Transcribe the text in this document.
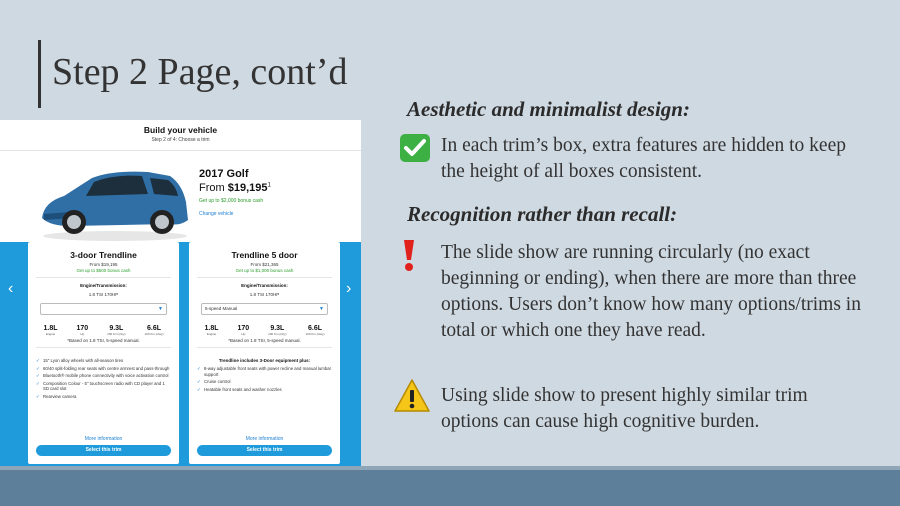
Step 2 Page, cont’d
Build your vehicle
Step 2 of 4: Choose a trim
2017 Golf
From $19,195$^1$
Get up to $2,000 bonus cash
Change vehicle
‹	›
3-door Trendline
From $19,195
Get up to $600 bonus cash
Engine/Transmission:
1.8 TSI 170HP
▼
1.8L
Engine
170
Hp
9.3L
100 Km (City)
6.6L
100 Km (Hwy)
*Based on 1.8 TSI, 5-speed manual.
✓ 15" Lyon alloy wheels with all-season tires
✓ 60/40 split-folding rear seats with centre armrest and pass-through
✓ Bluetooth® mobile phone connectivity with voice activation control
✓ Composition Colour - 5" touchscreen radio with CD player and 1 SD card slot
✓ Rearview camera
More information
Select this trim
Trendline 5 door
From $21,365
Get up to $1,000 bonus cash
Engine/Transmission:
1.8 TSI 170HP
5-speed Manual	▼
1.8L
Engine
170
Hp
9.3L
100 Km (City)
6.6L
100 Km (Hwy)
*Based on 1.8 TSI, 5-speed manual.
Trendline includes 3-Door equipment plus:
✓ 8-way adjustable front seats with power recline and manual lumbar support
✓ Cruise control
✓ Heatable front seats and washer nozzles
More information
Select this trim
Aesthetic and minimalist design:
In each trim’s box, extra features are hidden to keep the height of all boxes consistent.
Recognition rather than recall:
The slide show are running circularly (no exact beginning or ending), when there are more than three options. Users don’t know how many options/trims in total or which one they have read.
Using slide show to present highly similar trim options can cause high cognitive burden.
